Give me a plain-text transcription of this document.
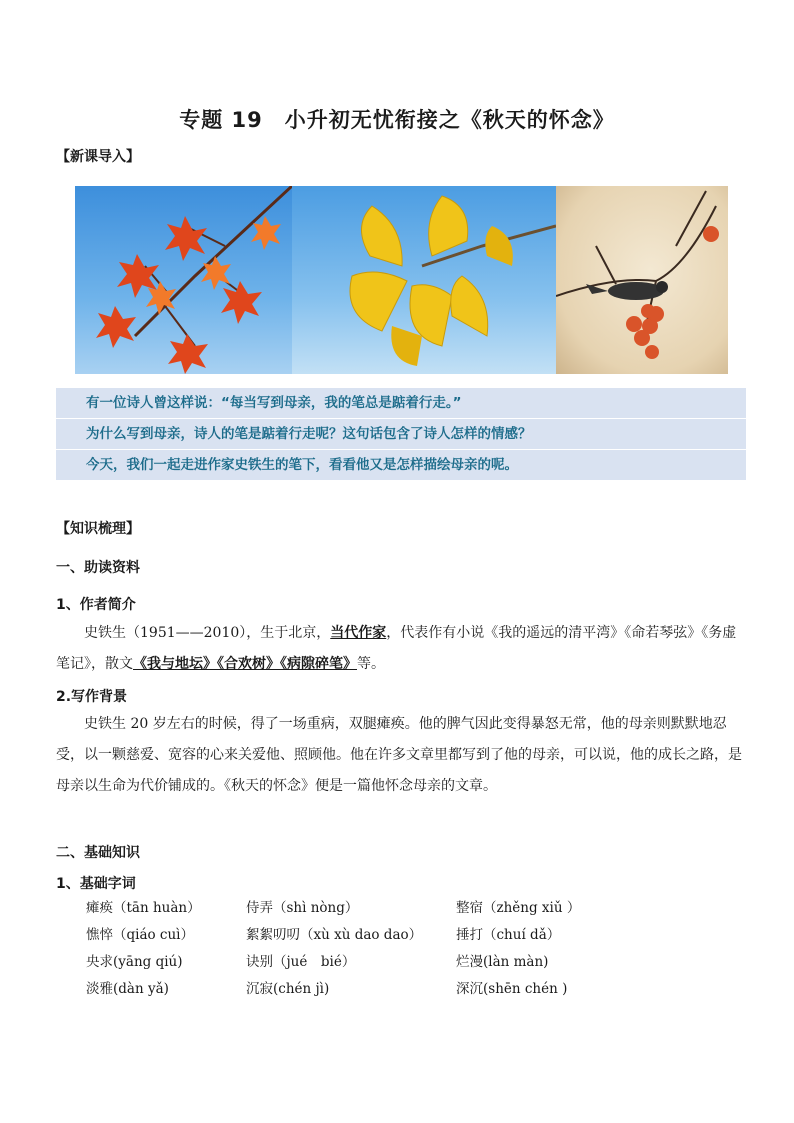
专题 19　小升初无忧衔接之《秋天的怀念》
【新课导入】
有一位诗人曾这样说：“每当写到母亲，我的笔总是踮着行走。”
为什么写到母亲，诗人的笔是踮着行走呢？这句话包含了诗人怎样的情感？
今天，我们一起走进作家史铁生的笔下，看看他又是怎样描绘母亲的呢。
【知识梳理】
一、助读资料
1、作者简介
史铁生（1951——2010），生于北京，当代作家，代表作有小说《我的遥远的清平湾》《命若琴弦》《务虚笔记》，散文《我与地坛》《合欢树》《病隙碎笔》等。
2.写作背景
史铁生 20 岁左右的时候，得了一场重病，双腿瘫痪。他的脾气因此变得暴怒无常，他的母亲则默默地忍受，以一颗慈爱、宽容的心来关爱他、照顾他。他在许多文章里都写到了他的母亲，可以说，他的成长之路，是母亲以生命为代价铺成的。《秋天的怀念》便是一篇他怀念母亲的文章。
二、基础知识
1、基础字词
瘫痪（tān huàn）	侍弄（shì nòng）	整宿（zhěng xiǔ ）
憔悴（qiáo cuì）	絮絮叨叨（xù xù dao dao）	捶打（chuí dǎ）
央求(yāng qiú)	诀别（jué　bié）	烂漫(làn màn)
淡雅(dàn yǎ)	沉寂(chén jì)	深沉(shēn chén )
